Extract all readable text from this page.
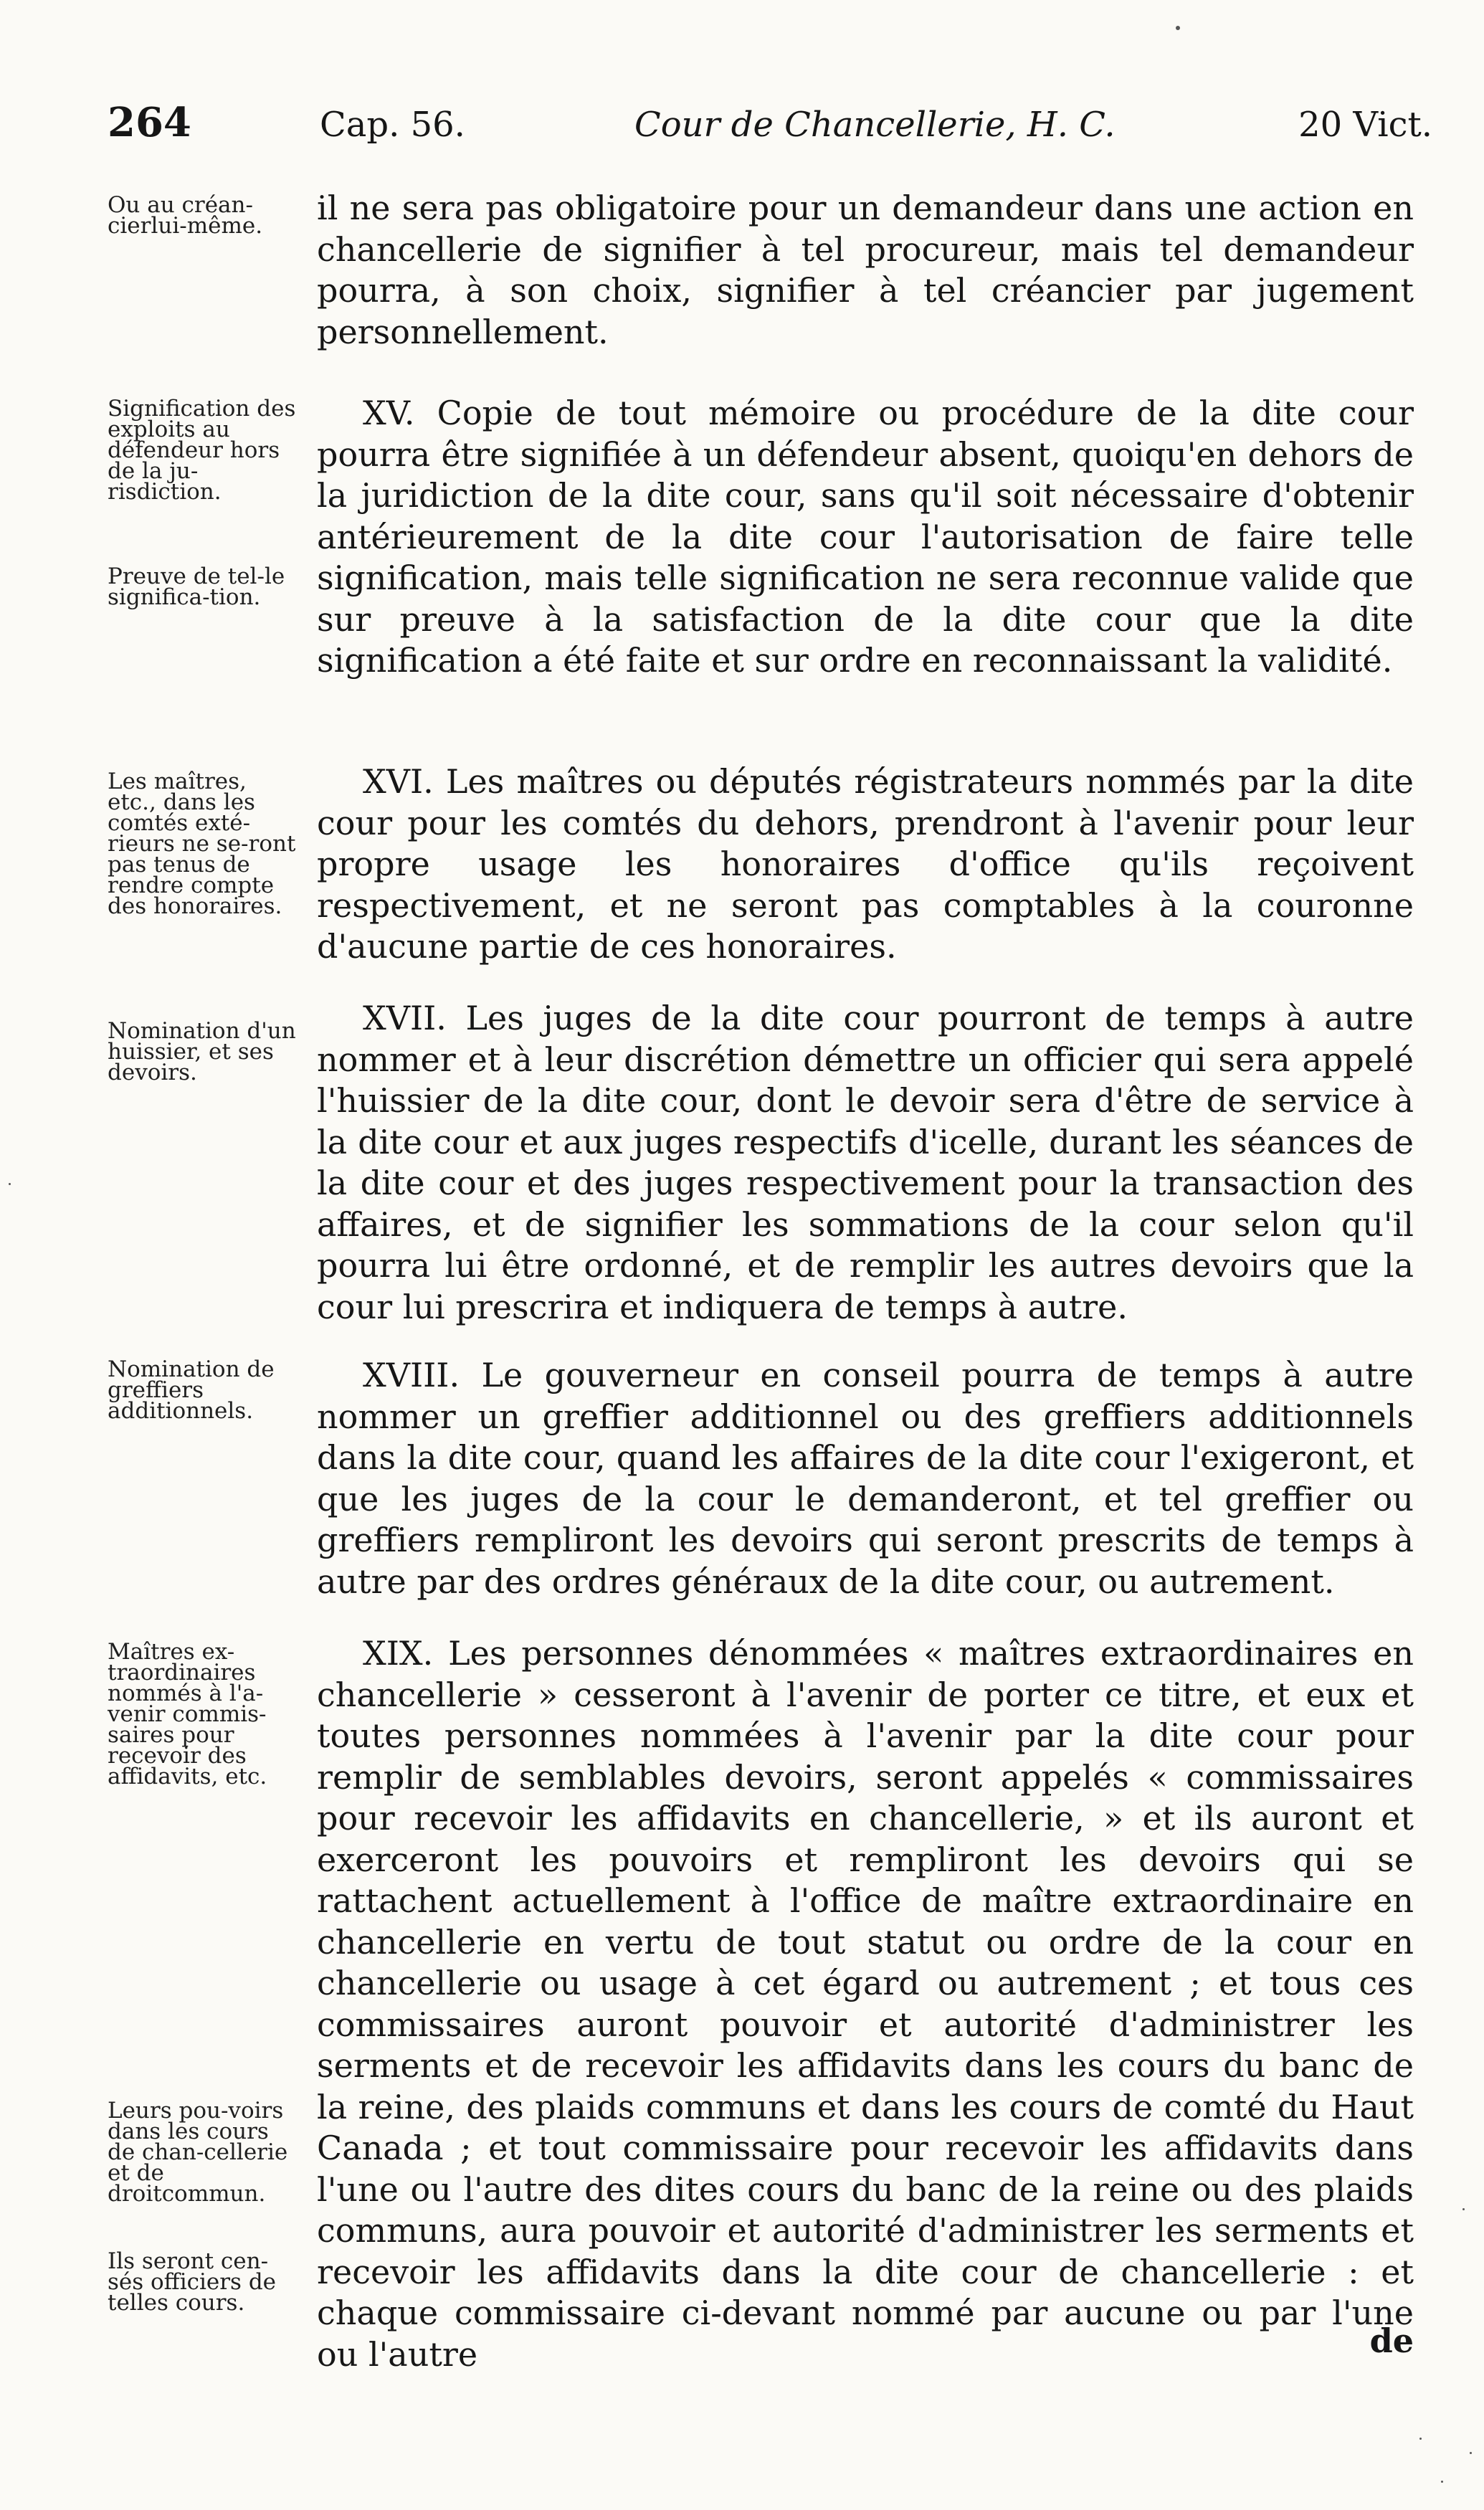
264	Cap. 56.	Cour de Chancellerie, H. C.	20 Vict.
Ou au créan-cierlui-même.	il ne sera pas obligatoire pour un demandeur dans une action en chancellerie de signifier à tel procureur, mais tel demandeur pourra, à son choix, signifier à tel créancier par jugement personnellement.

Signification des exploits au défendeur hors de la ju-risdiction.
Preuve de tel-le significa-tion.

XV. Copie de tout mémoire ou procédure de la dite cour pourra être signifiée à un défendeur absent, quoiqu'en dehors de la juridiction de la dite cour, sans qu'il soit nécessaire d'obtenir antérieurement de la dite cour l'autorisation de faire telle signification, mais telle signification ne sera reconnue valide que sur preuve à la satisfaction de la dite cour que la dite signification a été faite et sur ordre en reconnaissant la validité.

Les maîtres, etc., dans les comtés exté-rieurs ne se-ront pas tenus de rendre compte des honoraires.

XVI. Les maîtres ou députés régistrateurs nommés par la dite cour pour les comtés du dehors, prendront à l'avenir pour leur propre usage les honoraires d'office qu'ils reçoivent respectivement, et ne seront pas comptables à la couronne d'aucune partie de ces honoraires.

Nomination d'un huissier, et ses devoirs.

XVII. Les juges de la dite cour pourront de temps à autre nommer et à leur discrétion démettre un officier qui sera appelé l'huissier de la dite cour, dont le devoir sera d'être de service à la dite cour et aux juges respectifs d'icelle, durant les séances de la dite cour et des juges respectivement pour la transaction des affaires, et de signifier les sommations de la cour selon qu'il pourra lui être ordonné, et de remplir les autres devoirs que la cour lui prescrira et indiquera de temps à autre.

Nomination de greffiers additionnels.

XVIII. Le gouverneur en conseil pourra de temps à autre nommer un greffier additionnel ou des greffiers additionnels dans la dite cour, quand les affaires de la dite cour l'exigeront, et que les juges de la cour le demanderont, et tel greffier ou greffiers rempliront les devoirs qui seront prescrits de temps à autre par des ordres généraux de la dite cour, ou autrement.

Maîtres ex-traordinaires nommés à l'a-venir commis-saires pour recevoir des affidavits, etc.
Leurs pou-voirs dans les cours de chan-cellerie et de droitcommun.
Ils seront cen-sés officiers de telles cours.

XIX. Les personnes dénommées « maîtres extraordinaires en chancellerie » cesseront à l'avenir de porter ce titre, et eux et toutes personnes nommées à l'avenir par la dite cour pour remplir de semblables devoirs, seront appelés « commissaires pour recevoir les affidavits en chancellerie, » et ils auront et exerceront les pouvoirs et rempliront les devoirs qui se rattachent actuellement à l'office de maître extraordinaire en chancellerie en vertu de tout statut ou ordre de la cour en chancellerie ou usage à cet égard ou autrement ; et tous ces commissaires auront pouvoir et autorité d'administrer les serments et de recevoir les affidavits dans les cours du banc de la reine, des plaids communs et dans les cours de comté du Haut Canada ; et tout commissaire pour recevoir les affidavits dans l'une ou l'autre des dites cours du banc de la reine ou des plaids communs, aura pouvoir et autorité d'administrer les serments et recevoir les affidavits dans la dite cour de chancellerie : et chaque commissaire ci-devant nommé par aucune ou par l'une ou l'autre	de
